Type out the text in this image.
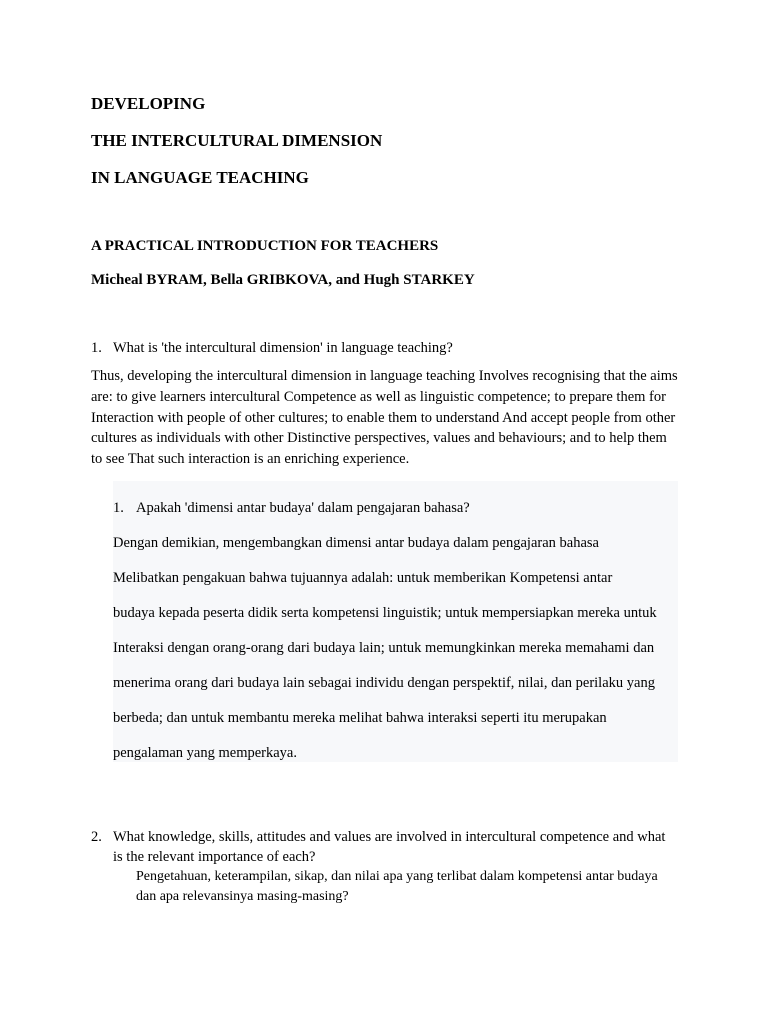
DEVELOPING
THE INTERCULTURAL DIMENSION
IN LANGUAGE TEACHING
A PRACTICAL INTRODUCTION FOR TEACHERS
Micheal BYRAM, Bella GRIBKOVA, and Hugh STARKEY
1. What is 'the intercultural dimension' in language teaching?

Thus, developing the intercultural dimension in language teaching Involves recognising that the aims are: to give learners intercultural Competence as well as linguistic competence; to prepare them for Interaction with people of other cultures; to enable them to understand And accept people from other cultures as individuals with other Distinctive perspectives, values and behaviours; and to help them to see That such interaction is an enriching experience.

1. Apakah 'dimensi antar budaya' dalam pengajaran bahasa?

Dengan demikian, mengembangkan dimensi antar budaya dalam pengajaran bahasa

Melibatkan pengakuan bahwa tujuannya adalah: untuk memberikan Kompetensi antar

budaya kepada peserta didik serta kompetensi linguistik; untuk mempersiapkan mereka untuk

Interaksi dengan orang-orang dari budaya lain; untuk memungkinkan mereka memahami dan

menerima orang dari budaya lain sebagai individu dengan perspektif, nilai, dan perilaku yang

berbeda; dan untuk membantu mereka melihat bahwa interaksi seperti itu merupakan

pengalaman yang memperkaya.

2. What knowledge, skills, attitudes and values are involved in intercultural competence and what is the relevant importance of each?

Pengetahuan, keterampilan, sikap, dan nilai apa yang terlibat dalam kompetensi antar budaya dan apa relevansinya masing-masing?
